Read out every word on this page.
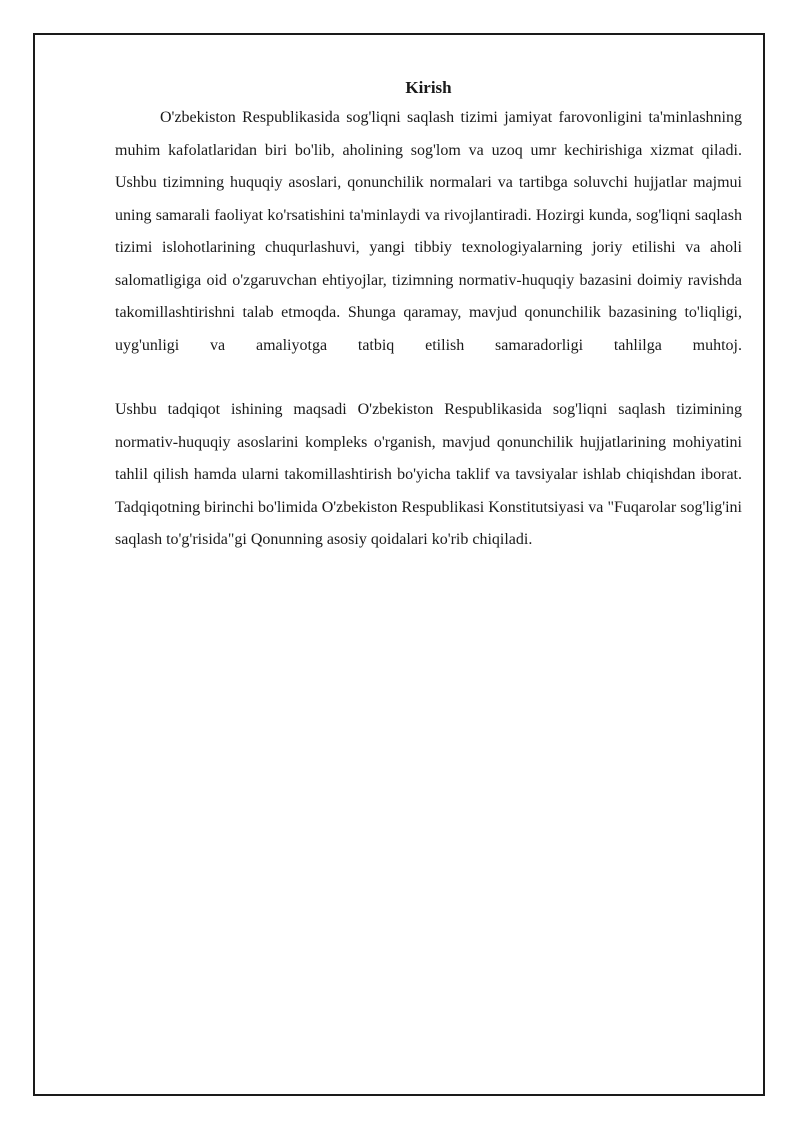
Kirish

O'zbekiston Respublikasida sog'liqni saqlash tizimi jamiyat farovonligini ta'minlashning muhim kafolatlaridan biri bo'lib, aholining sog'lom va uzoq umr kechirishiga xizmat qiladi. Ushbu tizimning huquqiy asoslari, qonunchilik normalari va tartibga soluvchi hujjatlar majmui uning samarali faoliyat ko'rsatishini ta'minlaydi va rivojlantiradi. Hozirgi kunda, sog'liqni saqlash tizimi islohotlarining chuqurlashuvi, yangi tibbiy texnologiyalarning joriy etilishi va aholi salomatligiga oid o'zgaruvchan ehtiyojlar, tizimning normativ-huquqiy bazasini doimiy ravishda takomillashtirishni talab etmoqda. Shunga qaramay, mavjud qonunchilik bazasining to'liqligi, uyg'unligi va amaliyotga tatbiq etilish samaradorligi tahlilga muhtoj.

Ushbu tadqiqot ishining maqsadi O'zbekiston Respublikasida sog'liqni saqlash tizimining normativ-huquqiy asoslarini kompleks o'rganish, mavjud qonunchilik hujjatlarining mohiyatini tahlil qilish hamda ularni takomillashtirish bo'yicha taklif va tavsiyalar ishlab chiqishdan iborat. Tadqiqotning birinchi bo'limida O'zbekiston Respublikasi Konstitutsiyasi va "Fuqarolar sog'lig'ini saqlash to'g'risida"gi Qonunning asosiy qoidalari ko'rib chiqiladi.
